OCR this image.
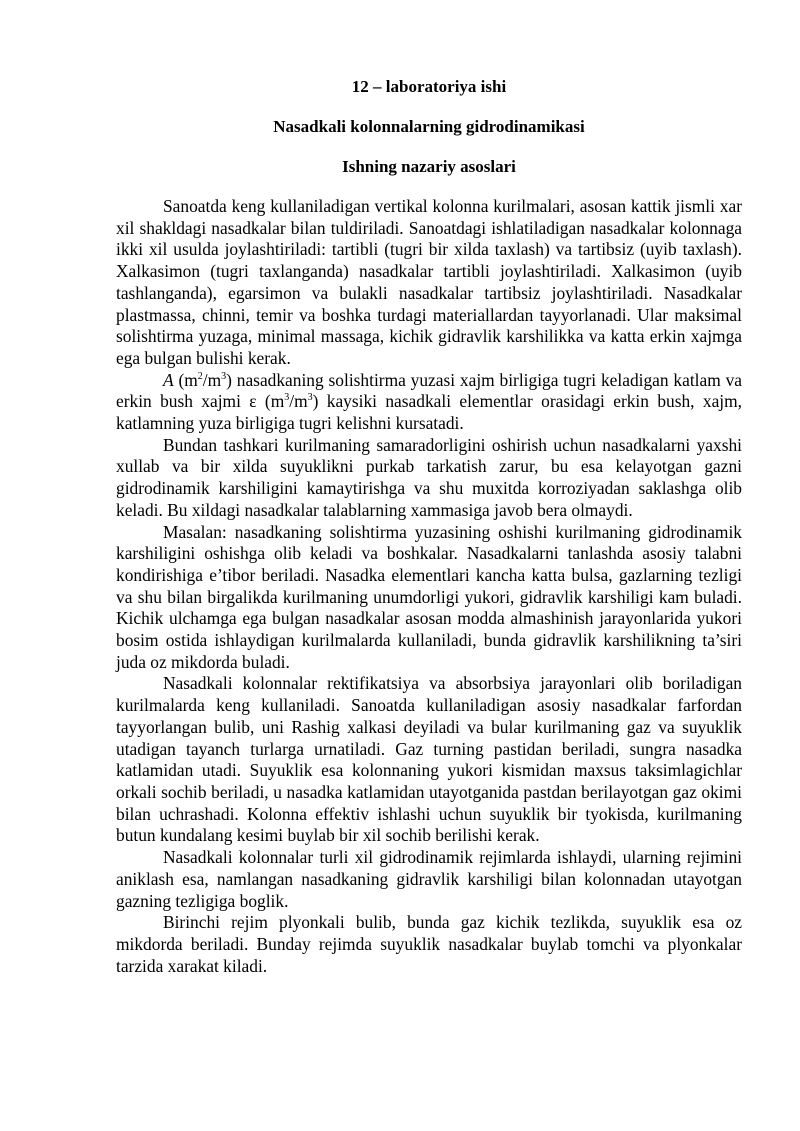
12 – laboratoriya ishi
Nasadkali kolonnalarning gidrodinamikasi
Ishning nazariy asoslari

Sanoatda keng kullaniladigan vertikal kolonna kurilmalari, asosan kattik jismli xar xil shakldagi nasadkalar bilan tuldiriladi. Sanoatdagi ishlatiladigan nasadkalar kolonnaga ikki xil usulda joylashtiriladi: tartibli (tugri bir xilda taxlash) va tartibsiz (uyib taxlash). Xalkasimon (tugri taxlanganda) nasadkalar tartibli joylashtiriladi. Xalkasimon (uyib tashlanganda), egarsimon va bulakli nasadkalar tartibsiz joylashtiriladi. Nasadkalar plastmassa, chinni, temir va boshka turdagi materiallardan tayyorlanadi. Ular maksimal solishtirma yuzaga, minimal massaga, kichik gidravlik karshilikka va katta erkin xajmga ega bulgan bulishi kerak.

A $(m^2/m^3)$ nasadkaning solishtirma yuzasi xajm birligiga tugri keladigan katlam va erkin bush xajmi ε $(m^3/m^3)$ kaysiki nasadkali elementlar orasidagi erkin bush, xajm, katlamning yuza birligiga tugri kelishni kursatadi.

Bundan tashkari kurilmaning samaradorligini oshirish uchun nasadkalarni yaxshi xullab va bir xilda suyuklikni purkab tarkatish zarur, bu esa kelayotgan gazni gidrodinamik karshiligini kamaytirishga va shu muxitda korroziyadan saklashga olib keladi. Bu xildagi nasadkalar talablarning xammasiga javob bera olmaydi.

Masalan: nasadkaning solishtirma yuzasining oshishi kurilmaning gidrodinamik karshiligini oshishga olib keladi va boshkalar. Nasadkalarni tanlashda asosiy talabni kondirishiga e’tibor beriladi. Nasadka elementlari kancha katta bulsa, gazlarning tezligi va shu bilan birgalikda kurilmaning unumdorligi yukori, gidravlik karshiligi kam buladi. Kichik ulchamga ega bulgan nasadkalar asosan modda almashinish jarayonlarida yukori bosim ostida ishlaydigan kurilmalarda kullaniladi, bunda gidravlik karshilikning ta’siri juda oz mikdorda buladi.

Nasadkali kolonnalar rektifikatsiya va absorbsiya jarayonlari olib boriladigan kurilmalarda keng kullaniladi. Sanoatda kullaniladigan asosiy nasadkalar farfordan tayyorlangan bulib, uni Rashig xalkasi deyiladi va bular kurilmaning gaz va suyuklik utadigan tayanch turlarga urnatiladi. Gaz turning pastidan beriladi, sungra nasadka katlamidan utadi. Suyuklik esa kolonnaning yukori kismidan maxsus taksimlagichlar orkali sochib beriladi, u nasadka katlamidan utayotganida pastdan berilayotgan gaz okimi bilan uchrashadi. Kolonna effektiv ishlashi uchun suyuklik bir tyokisda, kurilmaning butun kundalang kesimi buylab bir xil sochib berilishi kerak.

Nasadkali kolonnalar turli xil gidrodinamik rejimlarda ishlaydi, ularning rejimini aniklash esa, namlangan nasadkaning gidravlik karshiligi bilan kolonnadan utayotgan gazning tezligiga boglik.

Birinchi rejim plyonkali bulib, bunda gaz kichik tezlikda, suyuklik esa oz mikdorda beriladi. Bunday rejimda suyuklik nasadkalar buylab tomchi va plyonkalar tarzida xarakat kiladi.
